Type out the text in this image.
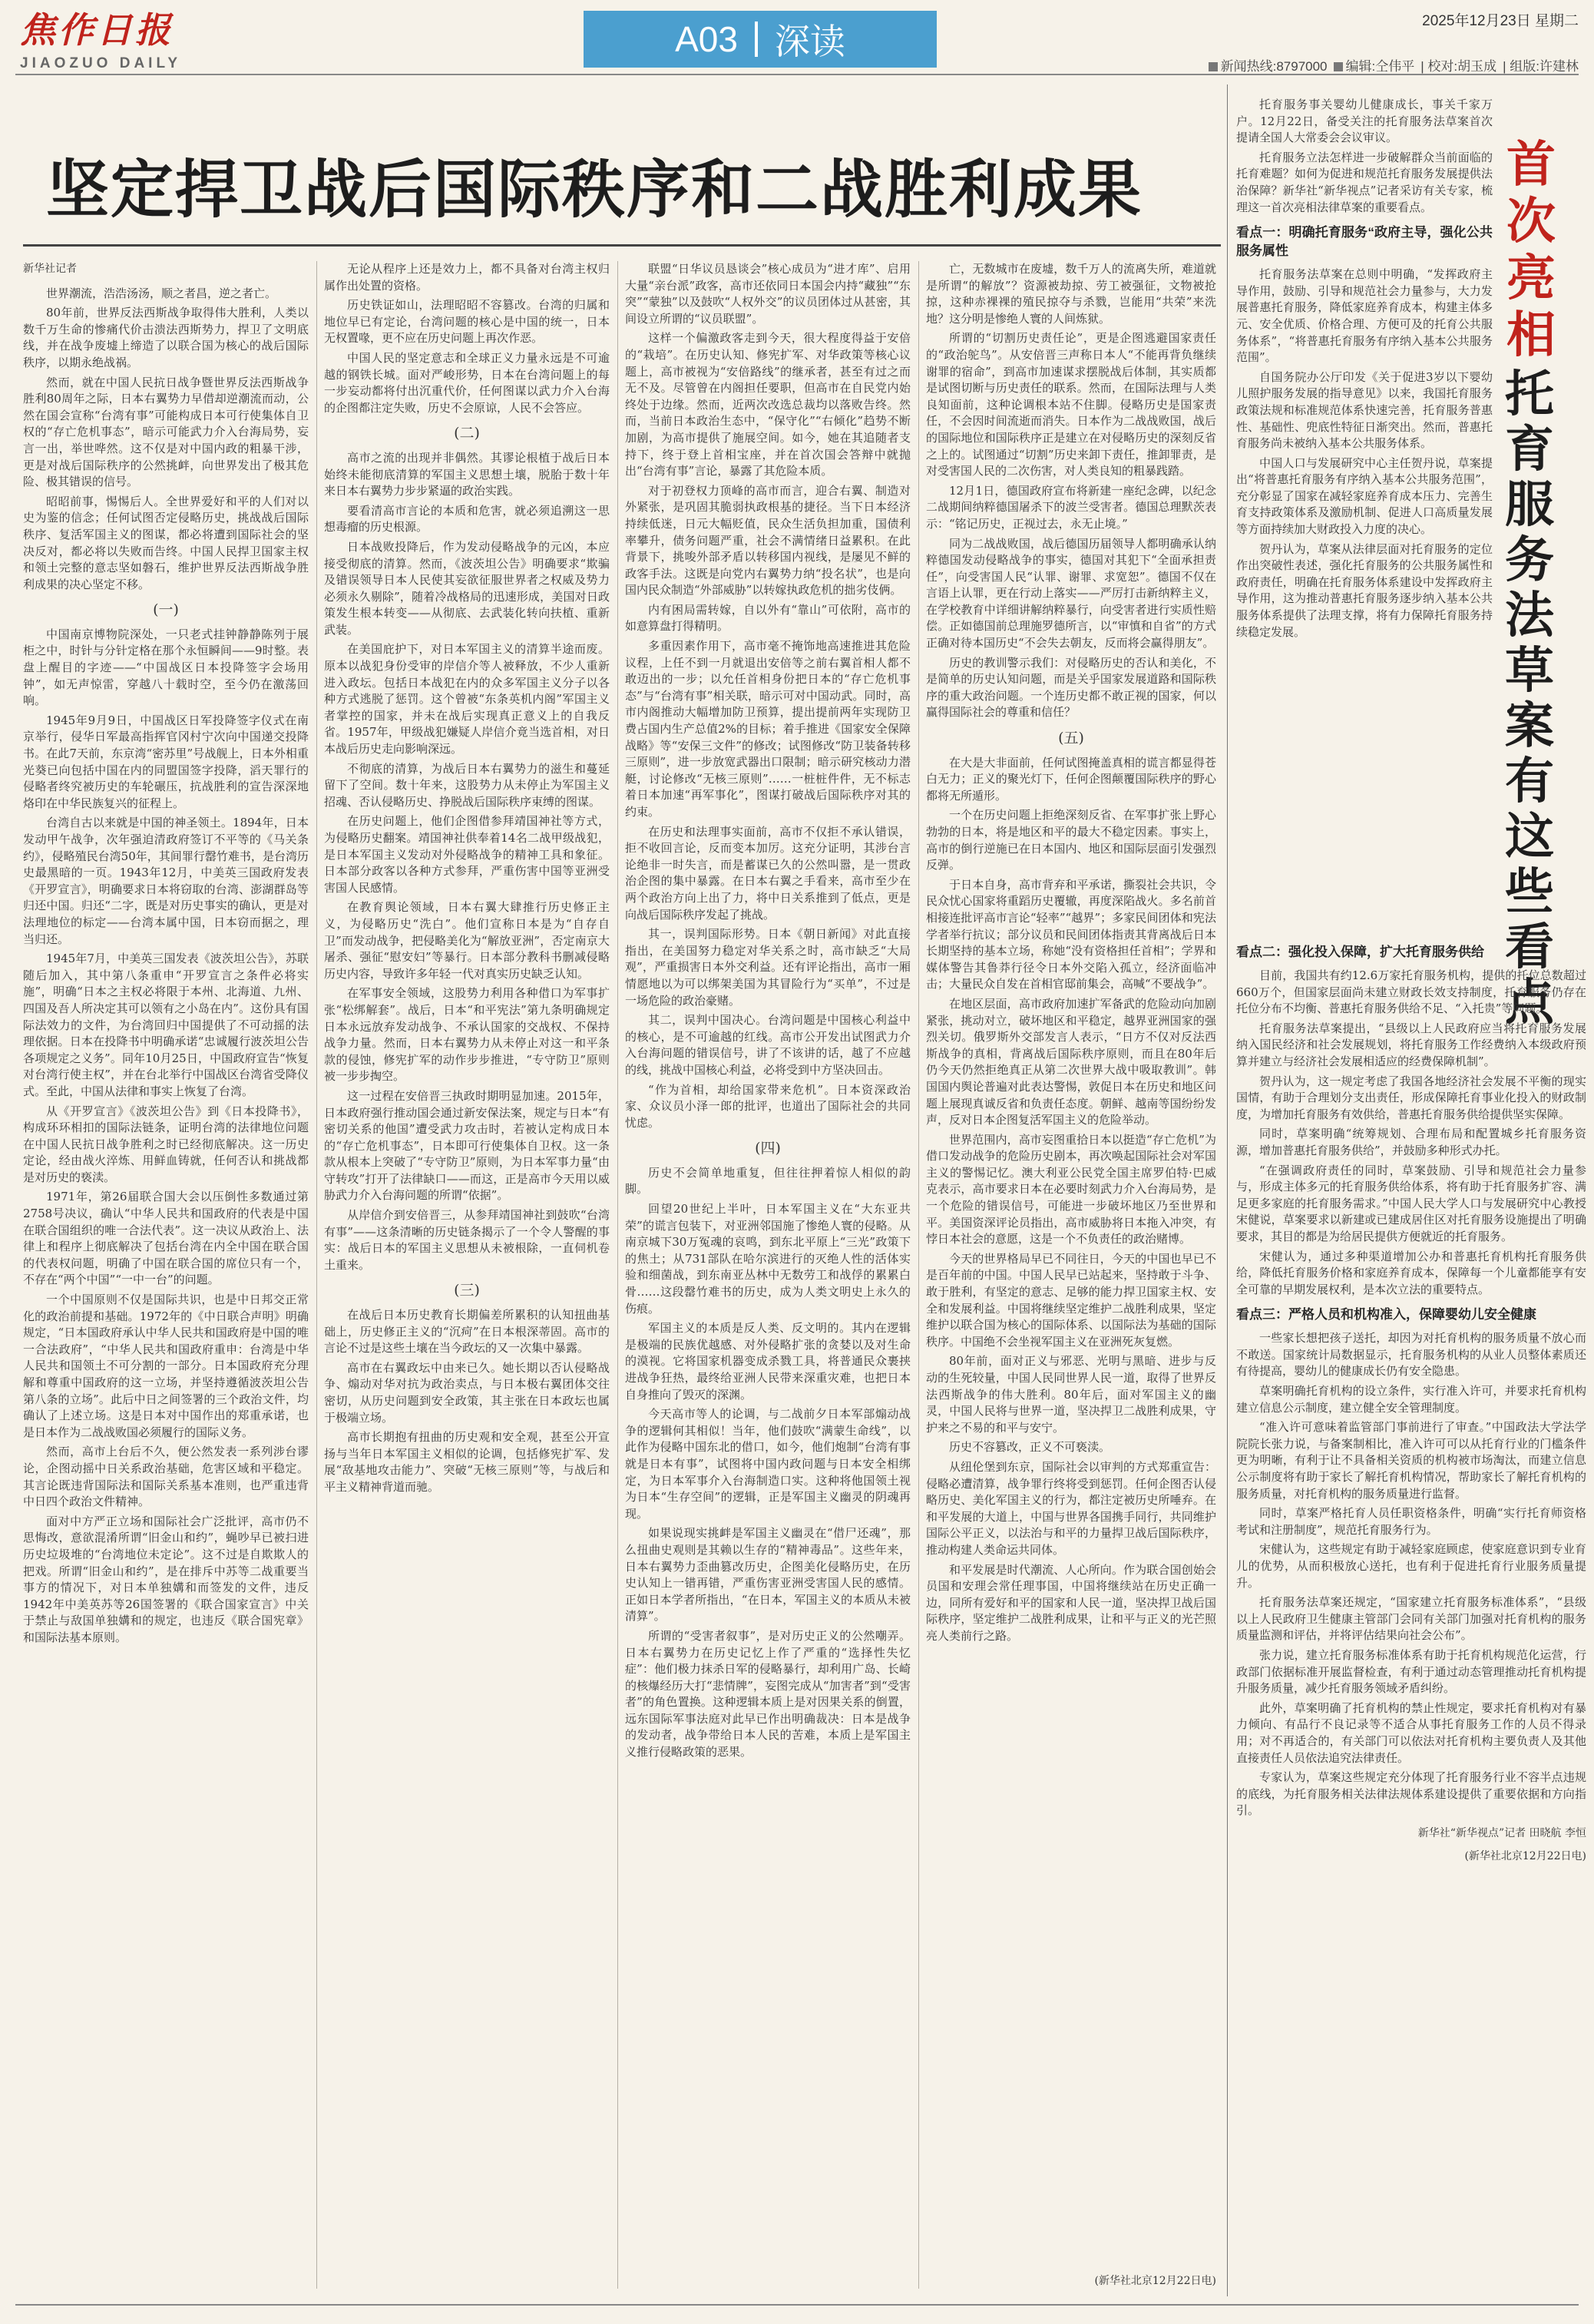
焦作日报
JIAOZUO DAILY
A03 深读
2025年12月23日 星期二
新闻热线:8797000	编辑:仝伟平 | 校对:胡玉成 | 组版:许建林
坚定捍卫战后国际秩序和二战胜利成果

新华社记者

世界潮流，浩浩汤汤，顺之者昌，逆之者亡。

80年前，世界反法西斯战争取得伟大胜利，人类以数千万生命的惨痛代价击溃法西斯势力，捍卫了文明底线，并在战争废墟上缔造了以联合国为核心的战后国际秩序，以期永绝战祸。

然而，就在中国人民抗日战争暨世界反法西斯战争胜利80周年之际，日本右翼势力早借却逆潮流而动，公然在国会宣称“台湾有事”可能构成日本可行使集体自卫权的“存亡危机事态”，暗示可能武力介入台海局势，妄言一出，举世哗然。这不仅是对中国内政的粗暴干涉，更是对战后国际秩序的公然挑衅，向世界发出了极其危险、极其错误的信号。

昭昭前事，惕惕后人。全世界爱好和平的人们对以史为鉴的信念；任何试图否定侵略历史，挑战战后国际秩序、复活军国主义的图谋，都必将遭到国际社会的坚决反对，都必将以失败而告终。中国人民捍卫国家主权和领土完整的意志坚如磐石，维护世界反法西斯战争胜利成果的决心坚定不移。

(一)

中国南京博物院深处，一只老式挂钟静静陈列于展柜之中，时针与分针定格在那个永恒瞬间——9时整。表盘上醒目的字迹——“中国战区日本投降签字会场用钟”，如无声惊雷，穿越八十载时空，至今仍在激荡回响。

1945年9月9日，中国战区日军投降签字仪式在南京举行，侵华日军最高指挥官冈村宁次向中国递交投降书。在此7天前，东京湾“密苏里”号战舰上，日本外相重光葵已向包括中国在内的同盟国签字投降，滔天罪行的侵略者终究被历史的车轮碾压，抗战胜利的宣告深深地烙印在中华民族复兴的征程上。

台湾自古以来就是中国的神圣领土。1894年，日本发动甲午战争，次年强迫清政府签订不平等的《马关条约》，侵略殖民台湾50年，其间罪行罄竹难书，是台湾历史最黑暗的一页。1943年12月，中美英三国政府发表《开罗宣言》，明确要求日本将窃取的台湾、澎湖群岛等归还中国。归还“二字，既是对历史事实的确认，更是对法理地位的标定——台湾本属中国，日本窃而据之，理当归还。

1945年7月，中美英三国发表《波茨坦公告》，苏联随后加入，其中第八条重申“开罗宣言之条件必将实施”，明确“日本之主权必将限于本州、北海道、九州、四国及吾人所决定其可以领有之小岛在内”。这份具有国际法效力的文件，为台湾回归中国提供了不可动摇的法理依据。日本在投降书中明确承诺“忠诚履行波茨坦公告各项规定之义务”。同年10月25日，中国政府宣告“恢复对台湾行使主权”，并在台北举行中国战区台湾省受降仪式。至此，中国从法律和事实上恢复了台湾。

从《开罗宣言》《波茨坦公告》到《日本投降书》，构成环环相扣的国际法链条，证明台湾的法律地位问题在中国人民抗日战争胜利之时已经彻底解决。这一历史定论，经由战火淬炼、用鲜血铸就，任何否认和挑战都是对历史的亵渎。

1971年，第26届联合国大会以压倒性多数通过第2758号决议，确认“中华人民共和国政府的代表是中国在联合国组织的唯一合法代表”。这一决议从政治上、法律上和程序上彻底解决了包括台湾在内全中国在联合国的代表权问题，明确了中国在联合国的席位只有一个，不存在“两个中国”“一中一台”的问题。

一个中国原则不仅是国际共识，也是中日邦交正常化的政治前提和基础。1972年的《中日联合声明》明确规定，“日本国政府承认中华人民共和国政府是中国的唯一合法政府”，“中华人民共和国政府重申：台湾是中华人民共和国领土不可分割的一部分。日本国政府充分理解和尊重中国政府的这一立场，并坚持遵循波茨坦公告第八条的立场”。此后中日之间签署的三个政治文件，均确认了上述立场。这是日本对中国作出的郑重承诺，也是日本作为二战战败国必须履行的国际义务。

然而，高市上台后不久，便公然发表一系列涉台谬论，企图动摇中日关系政治基础，危害区域和平稳定。其言论既违背国际法和国际关系基本准则，也严重违背中日四个政治文件精神。

面对中方严正立场和国际社会广泛批评，高市仍不思悔改，意欲混淆所谓“旧金山和约”，蝇吵早已被扫进历史垃圾堆的“台湾地位未定论”。这不过是自欺欺人的把戏。所谓“旧金山和约”，是在排斥中苏等二战重要当事方的情况下，对日本单独媾和而签发的文件，违反1942年中美英苏等26国签署的《联合国家宣言》中关于禁止与敌国单独媾和的规定，也违反《联合国宪章》和国际法基本原则。

无论从程序上还是效力上，都不具备对台湾主权归属作出处置的资格。

历史铁证如山，法理昭昭不容篡改。台湾的归属和地位早已有定论，台湾问题的核心是中国的统一，日本无权置喙，更不应在历史问题上再次作恶。

中国人民的坚定意志和全球正义力量永远是不可逾越的钢铁长城。面对严峻形势，日本在台湾问题上的每一步妄动都将付出沉重代价，任何图谋以武力介入台海的企图都注定失败，历史不会原谅，人民不会答应。

(二)

高市之流的出现并非偶然。其谬论根植于战后日本始终未能彻底清算的军国主义思想土壤，脱胎于数十年来日本右翼势力步步紧逼的政治实践。

要看清高市言论的本质和危害，就必须追溯这一思想毒瘤的历史根源。

日本战败投降后，作为发动侵略战争的元凶，本应接受彻底的清算。然而，《波茨坦公告》明确要求“欺骗及错误领导日本人民使其妄欲征服世界者之权威及势力必须永久剔除”，随着冷战格局的迅速形成，美国对日政策发生根本转变——从彻底、去武装化转向扶植、重新武装。

在美国庇护下，对日本军国主义的清算半途而废。原本以战犯身份受审的岸信介等人被释放，不少人重新进入政坛。包括日本战犯在内的众多军国主义分子以各种方式逃脱了惩罚。这个曾被“东条英机内阁”军国主义者掌控的国家，并未在战后实现真正意义上的自我反省。1957年，甲级战犯嫌疑人岸信介竟当选首相，对日本战后历史走向影响深远。

不彻底的清算，为战后日本右翼势力的滋生和蔓延留下了空间。数十年来，这股势力从未停止为军国主义招魂、否认侵略历史、挣脱战后国际秩序束缚的图谋。

在历史问题上，他们企图借参拜靖国神社等方式，为侵略历史翻案。靖国神社供奉着14名二战甲级战犯，是日本军国主义发动对外侵略战争的精神工具和象征。日本部分政客以各种方式参拜，严重伤害中国等亚洲受害国人民感情。

在教育舆论领域，日本右翼大肆推行历史修正主义，为侵略历史“洗白”。他们宣称日本是为“自存自卫”而发动战争，把侵略美化为“解放亚洲”，否定南京大屠杀、强征“慰安妇”等暴行。日本部分教科书删减侵略历史内容，导致许多年轻一代对真实历史缺乏认知。

在军事安全领域，这股势力利用各种借口为军事扩张“松绑解套”。战后，日本“和平宪法”第九条明确规定日本永远放弃发动战争、不承认国家的交战权、不保持战争力量。然而，日本右翼势力从未停止对这一和平条款的侵蚀，修宪扩军的动作步步推进，“专守防卫”原则被一步步掏空。

这一过程在安倍晋三执政时期明显加速。2015年，日本政府强行推动国会通过新安保法案，规定与日本“有密切关系的他国”遭受武力攻击时，若被认定构成日本的“存亡危机事态”，日本即可行使集体自卫权。这一条款从根本上突破了“专守防卫”原则，为日本军事力量“由守转攻”打开了法律缺口——而这，正是高市今天用以威胁武力介入台海问题的所谓“依据”。

从岸信介到安倍晋三，从参拜靖国神社到鼓吹“台湾有事”——这条清晰的历史链条揭示了一个令人警醒的事实：战后日本的军国主义思想从未被根除，一直伺机卷土重来。

(三)

在战后日本历史教育长期偏差所累积的认知扭曲基础上，历史修正主义的“沉疴”在日本根深蒂固。高市的言论不过是这些土壤在当今政坛的又一次集中暴露。

高市在右翼政坛中由来已久。她长期以否认侵略战争、煽动对华对抗为政治卖点，与日本极右翼团体交往密切，从历史问题到安全政策，其主张在日本政坛也属于极端立场。

高市长期抱有扭曲的历史观和安全观，甚至公开宣扬与当年日本军国主义相似的论调，包括修宪扩军、发展“敌基地攻击能力”、突破“无核三原则”等，与战后和平主义精神背道而驰。

联盟“日华议员恳谈会”核心成员为“进才库”、启用大量“亲台派”政客，高市还依同日本国会内持“藏独”“东突”“蒙独”以及鼓吹“人权外交”的议员团体过从甚密，其间设立所谓的“议员联盟”。

这样一个偏激政客走到今天，很大程度得益于安倍的“栽培”。在历史认知、修宪扩军、对华政策等核心议题上，高市被视为“安倍路线”的继承者，甚至有过之而无不及。尽管曾在内阁担任要职，但高市在自民党内始终处于边缘。然而，近两次改选总裁均以落败告终。然而，当前日本政治生态中，“保守化”“右倾化”趋势不断加剧，为高市提供了施展空间。如今，她在其追随者支持下，终于登上首相宝座，并在首次国会答辩中就抛出“台湾有事”言论，暴露了其危险本质。

对于初登权力顶峰的高市而言，迎合右翼、制造对外紧张，是巩固其脆弱执政根基的捷径。当下日本经济持续低迷，日元大幅贬值，民众生活负担加重，国债利率攀升，债务问题严重，社会不满情绪日益累积。在此背景下，挑唆外部矛盾以转移国内视线，是屡见不鲜的政客手法。这既是向党内右翼势力纳“投名状”，也是向国内民众制造“外部威胁”以转嫁执政危机的拙劣伎俩。

内有困局需转嫁，自以外有“靠山”可依附，高市的如意算盘打得精明。

多重因素作用下，高市毫不掩饰地高速推进其危险议程，上任不到一月就退出安倍等之前右翼首相人都不敢迈出的一步；以允任首相身份把日本的“存亡危机事态”与“台湾有事”相关联，暗示可对中国动武。同时，高市内阁推动大幅增加防卫预算，提出提前两年实现防卫费占国内生产总值2%的目标；着手推进《国家安全保障战略》等“安保三文件”的修改；试图修改“防卫装备转移三原则”，进一步放宽武器出口限制；暗示研究核动力潜艇，讨论修改“无核三原则”……一桩桩件件，无不标志着日本加速“再军事化”，图谋打破战后国际秩序对其的约束。

在历史和法理事实面前，高市不仅拒不承认错误，拒不收回言论，反而变本加厉。这充分证明，其涉台言论绝非一时失言，而是蓄谋已久的公然叫嚣，是一贯政治企图的集中暴露。在日本右翼之手看来，高市至少在两个政治方向上出了力，将中日关系推到了低点，更是向战后国际秩序发起了挑战。

其一，误判国际形势。日本《朝日新闻》对此直接指出，在美国努力稳定对华关系之时，高市缺乏“大局观”，严重损害日本外交利益。还有评论指出，高市一厢情愿地以为可以绑架美国为其冒险行为“买单”，不过是一场危险的政治豪赌。

其二，误判中国决心。台湾问题是中国核心利益中的核心，是不可逾越的红线。高市公开发出试图武力介入台海问题的错误信号，讲了不该讲的话，越了不应越的线，挑战中国核心利益，必将受到中方坚决回击。

“作为首相，却给国家带来危机”。日本资深政治家、众议员小泽一郎的批评，也道出了国际社会的共同忧虑。

(四)

历史不会简单地重复，但往往押着惊人相似的韵脚。

回望20世纪上半叶，日本军国主义在“大东亚共荣”的谎言包装下，对亚洲邻国施了惨绝人寰的侵略。从南京城下30万冤魂的哀鸣，到东北平原上“三光”政策下的焦土；从731部队在哈尔滨进行的灭绝人性的活体实验和细菌战，到东南亚丛林中无数劳工和战俘的累累白骨……这段罄竹难书的历史，成为人类文明史上永久的伤痕。

军国主义的本质是反人类、反文明的。其内在逻辑是极端的民族优越感、对外侵略扩张的贪婪以及对生命的漠视。它将国家机器变成杀戮工具，将普通民众裹挟进战争狂热，最终给亚洲人民带来深重灾难，也把日本自身推向了毁灭的深渊。

今天高市等人的论调，与二战前夕日本军部煽动战争的逻辑何其相似！当年，他们鼓吹“满蒙生命线”，以此作为侵略中国东北的借口，如今，他们炮制“台湾有事就是日本有事”，试图将中国内政问题与日本安全相绑定，为日本军事介入台海制造口实。这种将他国领土视为日本“生存空间”的逻辑，正是军国主义幽灵的阴魂再现。

如果说现实挑衅是军国主义幽灵在“借尸还魂”，那么扭曲史观则是其赖以生存的“精神毒品”。这些年来，日本右翼势力歪曲篡改历史，企图美化侵略历史，在历史认知上一错再错，严重伤害亚洲受害国人民的感情。正如日本学者所指出，“在日本，军国主义的本质从未被清算”。

所谓的“受害者叙事”，是对历史正义的公然嘲弄。日本右翼势力在历史记忆上作了严重的“选择性失忆症”：他们极力抹杀日军的侵略暴行，却利用广岛、长崎的核爆经历大打“悲情牌”，妄图完成从“加害者”到“受害者”的角色置换。这种逻辑本质上是对因果关系的倒置，远东国际军事法庭对此早已作出明确裁决：日本是战争的发动者，战争带给日本人民的苦难，本质上是军国主义推行侵略政策的恶果。

亡，无数城市在废墟，数千万人的流离失所，难道就是所谓“的解放”？资源被劫掠、劳工被强征，文物被抢掠，这种赤裸裸的殖民掠夺与杀戮，岂能用“共荣”来洗地？这分明是惨绝人寰的人间炼狱。

所谓的“切割历史责任论”，更是企图逃避国家责任的“政治鸵鸟”。从安倍晋三声称日本人“不能再背负继续谢罪的宿命”，到高市加速谋求摆脱战后体制，其实质都是试图切断与历史责任的联系。然而，在国际法理与人类良知面前，这种论调根本站不住脚。侵略历史是国家责任，不会因时间流逝而消失。日本作为二战战败国，战后的国际地位和国际秩序正是建立在对侵略历史的深刻反省之上的。试图通过“切割”历史来卸下责任，推卸罪责，是对受害国人民的二次伤害，对人类良知的粗暴践踏。

12月1日，德国政府宣布将新建一座纪念碑，以纪念二战期间纳粹德国屠杀下的波兰受害者。德国总理默茨表示：“铭记历史，正视过去，永无止境。”

同为二战战败国，战后德国历届领导人都明确承认纳粹德国发动侵略战争的事实，德国对其犯下“全面承担责任”，向受害国人民“认罪、谢罪、求宽恕”。德国不仅在言语上认罪，更在行动上落实——严厉打击新纳粹主义，在学校教育中详细讲解纳粹暴行，向受害者进行实质性赔偿。正如德国前总理施罗德所言，以“审慎和自省”的方式正确对待本国历史“不会失去朝友，反而将会赢得朋友”。

历史的教训警示我们：对侵略历史的否认和美化，不是简单的历史认知问题，而是关乎国家发展道路和国际秩序的重大政治问题。一个连历史都不敢正视的国家，何以赢得国际社会的尊重和信任？

(五)

在大是大非面前，任何试图掩盖真相的谎言都显得苍白无力；正义的聚光灯下，任何企图颠覆国际秩序的野心都将无所遁形。

一个在历史问题上拒绝深刻反省、在军事扩张上野心勃勃的日本，将是地区和平的最大不稳定因素。事实上，高市的倒行逆施已在日本国内、地区和国际层面引发强烈反弹。

于日本自身，高市背弃和平承诺，撕裂社会共识，令民众忧心国家将重蹈历史覆辙，再度深陷战火。多名前首相接连批评高市言论“轻率”“越界”；多家民间团体和宪法学者举行抗议；部分议员和民间团体指责其背离战后日本长期坚持的基本立场，称她“没有资格担任首相”；学界和媒体警告其鲁莽行径令日本外交陷入孤立，经济面临冲击；大量民众自发在首相官邸前集会，高喊“不要战争”。

在地区层面，高市政府加速扩军备武的危险动向加剧紧张，挑动对立，破坏地区和平稳定，越界亚洲国家的强烈关切。俄罗斯外交部发言人表示，“日方不仅对反法西斯战争的真相，背离战后国际秩序原则，而且在80年后仍今天仍然拒绝真正从第二次世界大战中吸取教训”。韩国国内舆论普遍对此表达警惕，敦促日本在历史和地区问题上展现真诚反省和负责任态度。朝鲜、越南等国纷纷发声，反对日本企图复活军国主义的危险举动。

世界范围内，高市妄图重拾日本以挺造“存亡危机”为借口发动战争的危险历史剧本，再次唤起国际社会对军国主义的警惕记忆。澳大利亚公民党全国主席罗伯特·巴威克表示，高市要求日本在必要时刻武力介入台海局势，是一个危险的错误信号，可能进一步破坏地区乃至世界和平。美国资深评论员指出，高市威胁将日本拖入冲突，有悖日本社会的意愿，这是一个不负责任的政治赌博。

今天的世界格局早已不同往日，今天的中国也早已不是百年前的中国。中国人民早已站起来，坚持敢于斗争、敢于胜利，有坚定的意志、足够的能力捍卫国家主权、安全和发展利益。中国将继续坚定维护二战胜利成果，坚定维护以联合国为核心的国际体系、以国际法为基础的国际秩序。中国绝不会坐视军国主义在亚洲死灰复燃。

80年前，面对正义与邪恶、光明与黑暗、进步与反动的生死较量，中国人民同世界人民一道，取得了世界反法西斯战争的伟大胜利。80年后，面对军国主义的幽灵，中国人民将与世界一道，坚决捍卫二战胜利成果，守护来之不易的和平与安宁。

历史不容篡改，正义不可亵渎。

从纽伦堡到东京，国际社会以审判的方式郑重宣告：侵略必遭清算，战争罪行终将受到惩罚。任何企图否认侵略历史、美化军国主义的行为，都注定被历史所唾弃。在和平发展的大道上，中国与世界各国携手同行，共同维护国际公平正义，以法治与和平的力量捍卫战后国际秩序，推动构建人类命运共同体。

和平发展是时代潮流、人心所向。作为联合国创始会员国和安理会常任理事国，中国将继续站在历史正确一边，同所有爱好和平的国家和人民一道，坚决捍卫战后国际秩序，坚定维护二战胜利成果，让和平与正义的光芒照亮人类前行之路。

(新华社北京12月22日电)

托育服务事关婴幼儿健康成长，事关千家万户。12月22日，备受关注的托育服务法草案首次提请全国人大常委会会议审议。

托育服务立法怎样进一步破解群众当前面临的托育难题？如何为促进和规范托育服务发展提供法治保障？新华社“新华视点”记者采访有关专家，梳理这一首次亮相法律草案的重要看点。

看点一：明确托育服务“政府主导，强化公共服务属性

托育服务法草案在总则中明确，“发挥政府主导作用，鼓励、引导和规范社会力量参与，大力发展普惠托育服务，降低家庭养育成本，构建主体多元、安全优质、价格合理、方便可及的托育公共服务体系”，“将普惠托育服务有序纳入基本公共服务范围”。

自国务院办公厅印发《关于促进3岁以下婴幼儿照护服务发展的指导意见》以来，我国托育服务政策法规和标准规范体系快速完善，托育服务普惠性、基础性、兜底性特征日渐突出。然而，普惠托育服务尚未被纳入基本公共服务体系。

中国人口与发展研究中心主任贺丹说，草案提出“将普惠托育服务有序纳入基本公共服务范围”，充分彰显了国家在减轻家庭养育成本压力、完善生育支持政策体系及激励机制、促进人口高质量发展等方面持续加大财政投入力度的决心。

贺丹认为，草案从法律层面对托育服务的定位作出突破性表述，强化托育服务的公共服务属性和政府责任，明确在托育服务体系建设中发挥政府主导作用，这为推动普惠托育服务逐步纳入基本公共服务体系提供了法理支撑，将有力保障托育服务持续稳定发展。

首次亮相
托育服务法草案有这些看点

看点二：强化投入保障，扩大托育服务供给

目前，我国共有约12.6万家托育服务机构，提供的托位总数超过660万个，但国家层面尚未建立财政长效支持制度，托育服务仍存在托位分布不均衡、普惠托育服务供给不足、“入托贵”等问题。

托育服务法草案提出，“县级以上人民政府应当将托育服务发展纳入国民经济和社会发展规划，将托育服务工作经费纳入本级政府预算并建立与经济社会发展相适应的经费保障机制”。

贺丹认为，这一规定考虑了我国各地经济社会发展不平衡的现实国情，有助于合理划分支出责任，形成保障托育事业化投入的财政制度，为增加托育服务有效供给，普惠托育服务供给提供坚实保障。

同时，草案明确“统筹规划、合理布局和配置城乡托育服务资源，增加普惠托育服务供给”，并鼓励多种形式办托。

“在强调政府责任的同时，草案鼓励、引导和规范社会力量参与，形成主体多元的托育服务供给体系，将有助于托育服务扩容、满足更多家庭的托育服务需求。”中国人民大学人口与发展研究中心教授宋健说，草案要求以新建或已建成居住区对托育服务设施提出了明确要求，其目的都是为给居民提供方便就近的托育服务。

宋健认为，通过多种渠道增加公办和普惠托育机构托育服务供给，降低托育服务价格和家庭养育成本，保障每一个儿童都能享有安全可靠的早期发展权利，是本次立法的重要特点。

看点三：严格人员和机构准入，保障婴幼儿安全健康

一些家长想把孩子送托，却因为对托育机构的服务质量不放心而不敢送。国家统计局数据显示，托育服务机构的从业人员整体素质还有待提高，婴幼儿的健康成长仍有安全隐患。

草案明确托育机构的设立条件，实行准入许可，并要求托育机构建立信息公示制度，建立健全安全管理制度。

“准入许可意味着监管部门事前进行了审查。”中国政法大学法学院院长张力说，与备案制相比，准入许可可以从托育行业的门槛条件更为明晰，有利于让不具备相关资质的机构被市场淘汰，而建立信息公示制度将有助于家长了解托育机构情况，帮助家长了解托育机构的服务质量，对托育机构的服务质量进行监督。

同时，草案严格托育人员任职资格条件，明确“实行托育师资格考试和注册制度”，规范托育服务行为。

宋健认为，这些规定有助于减轻家庭顾虑，使家庭意识到专业育儿的优势，从而积极放心送托，也有利于促进托育行业服务质量提升。

托育服务法草案还规定，“国家建立托育服务标准体系”，“县级以上人民政府卫生健康主管部门会同有关部门加强对托育机构的服务质量监测和评估，并将评估结果向社会公布”。

张力说，建立托育服务标准体系有助于托育机构规范化运营，行政部门依据标准开展监督检查，有利于通过动态管理推动托育机构提升服务质量，减少托育服务领域矛盾纠纷。

此外，草案明确了托育机构的禁止性规定，要求托育机构对有暴力倾向、有品行不良记录等不适合从事托育服务工作的人员不得录用；对不再适合的，有关部门可以依法对托育机构主要负责人及其他直接责任人员依法追究法律责任。

专家认为，草案这些规定充分体现了托育服务行业不容半点违规的底线，为托育服务相关法律法规体系建设提供了重要依据和方向指引。

新华社“新华视点”记者 田晓航 李恒

(新华社北京12月22日电)
